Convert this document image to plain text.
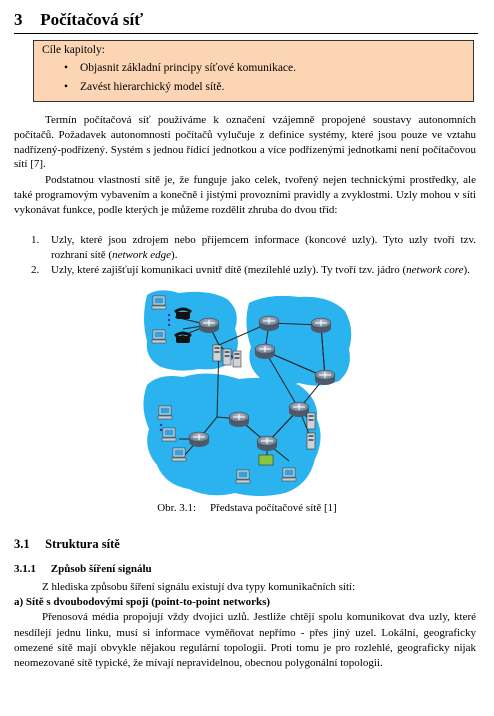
3 Počítačová síť
Cíle kapitoly:
• Objasnit základní principy síťové komunikace.
• Zavést hierarchický model sítě.

Termín počítačová síť používáme k označení vzájemně propojené soustavy autonomních počítačů. Požadavek autonomnosti počítačů vylučuje z definice systémy, které jsou pouze ve vztahu nadřízený-podřízený. Systém s jednou řídicí jednotkou a více podřízenými jednotkami není počítačovou sítí [7].

Podstatnou vlastností sítě je, že funguje jako celek, tvořený nejen technickými prostředky, ale také programovým vybavením a konečně i jistými provozními pravidly a zvyklostmi. Uzly mohou v síti vykonávat funkce, podle kterých je můžeme rozdělit zhruba do dvou tříd:

1. Uzly, které jsou zdrojem nebo příjemcem informace (koncové uzly). Tyto uzly tvoří tzv. rozhraní sítě (network edge).
2. Uzly, které zajišťují komunikaci uvnitř dítě (mezilehlé uzly). Ty tvoří tzv. jádro (network core).
Obr. 3.1: Představa počítačové sítě [1]
3.1 Struktura sítě
3.1.1 Způsob šíření signálu

Z hlediska způsobu šíření signálu existují dva typy komunikačních sítí:

a) Sítě s dvoubodovými spoji (point-to-point networks)

Přenosová média propojují vždy dvojici uzlů. Jestliže chtějí spolu komunikovat dva uzly, které nesdílejí jednu linku, musí si informace vyměňovat nepřímo - přes jiný uzel. Lokální, geograficky omezené sítě mají obvykle nějakou regulární topologii. Proti tomu je pro rozlehlé, geograficky nijak neomezované sítě typické, že mívají nepravidelnou, obecnou polygonální topologii.
